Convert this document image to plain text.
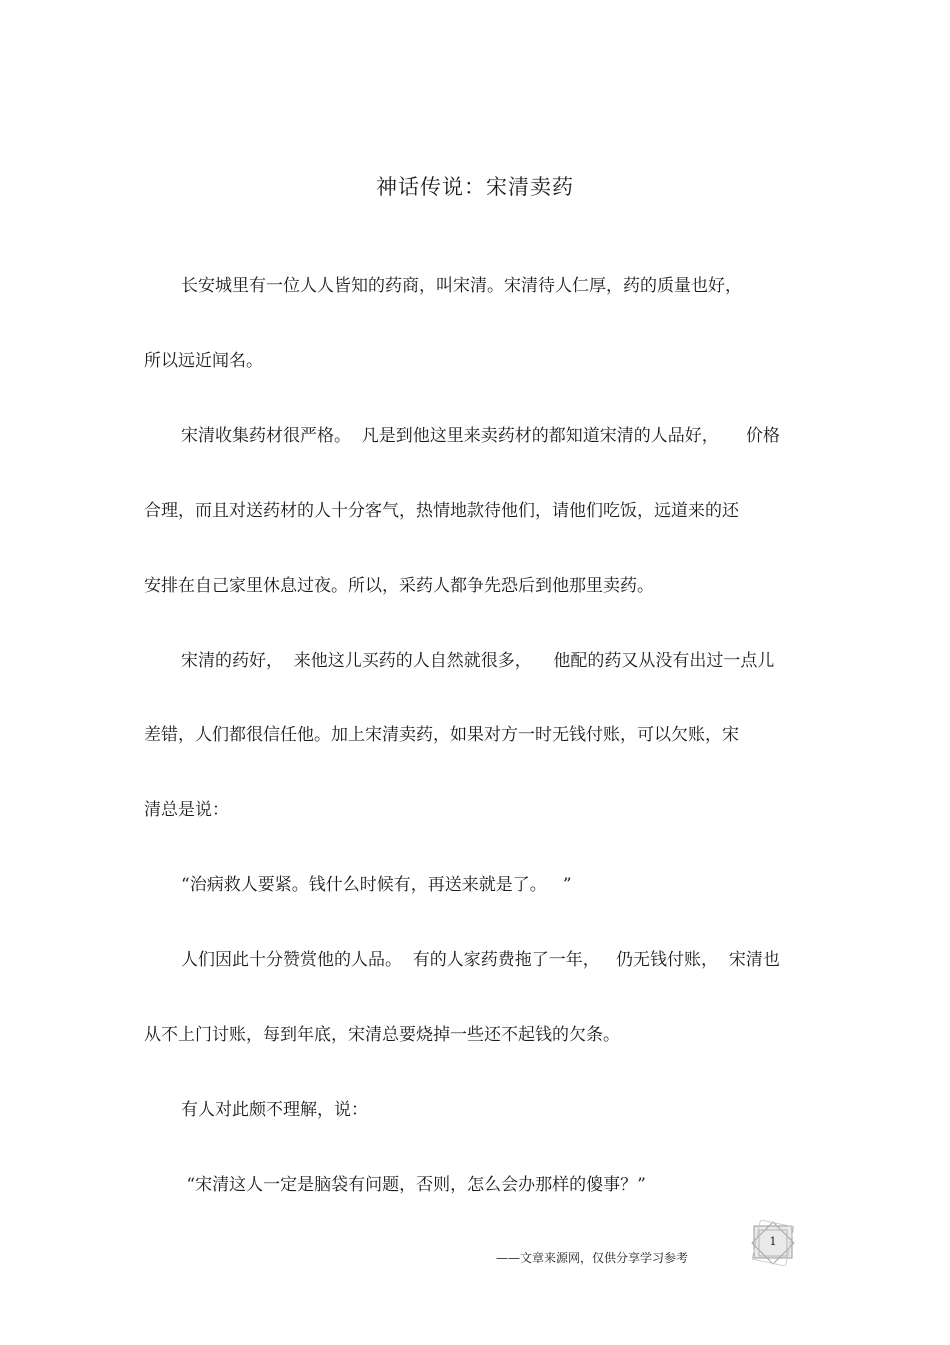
神话传说：宋清卖药
长安城里有一位人人皆知的药商，叫宋清。宋清待人仁厚，药的质量也好，
所以远近闻名。
宋清收集药材很严格。  凡是到他这里来卖药材的都知道宋清的人品好，     价格
合理，而且对送药材的人十分客气，热情地款待他们，请他们吃饭，远道来的还
安排在自己家里休息过夜。所以，采药人都争先恐后到他那里卖药。
宋清的药好，  来他这儿买药的人自然就很多，    他配的药又从没有出过一点儿
差错，人们都很信任他。加上宋清卖药，如果对方一时无钱付账，可以欠账，宋
清总是说：
“治病救人要紧。钱什么时候有，再送来就是了。   ”
人们因此十分赞赏他的人品。  有的人家药费拖了一年，   仍无钱付账，  宋清也
从不上门讨账，每到年底，宋清总要烧掉一些还不起钱的欠条。
有人对此颇不理解，说：
“宋清这人一定是脑袋有问题，否则，怎么会办那样的傻事？”
——文章来源网，仅供分享学习参考
1
